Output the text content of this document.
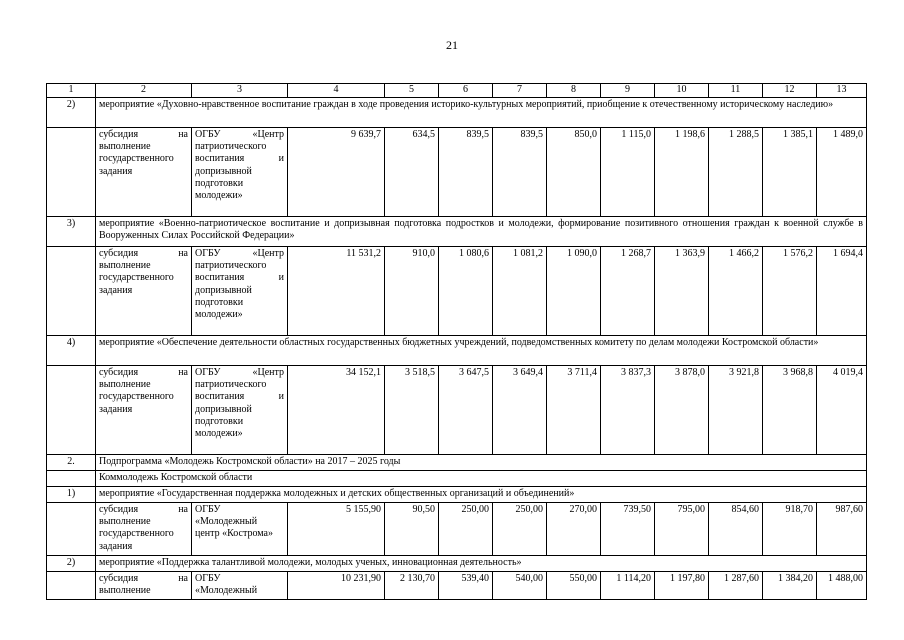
21
1	2	3	4	5	6	7	8	9	10	11	12	13
2)	мероприятие «Духовно-нравственное воспитание граждан в ходе проведения историко-культурных мероприятий, приобщение к отечественному историческому наследию»											
	субсидия на выполнение государственного задания	ОГБУ «Центр патриотического воспитания и допризывной подготовки молодежи»	9 639,7	634,5	839,5	839,5	850,0	1 115,0	1 198,6	1 288,5	1 385,1	1 489,0
3)	мероприятие «Военно-патриотическое воспитание и допризывная подготовка подростков и молодежи, формирование позитивного отношения граждан к военной службе в Вооруженных Силах Российской Федерации»											
	субсидия на выполнение государственного задания	ОГБУ «Центр патриотического воспитания и допризывной подготовки молодежи»	11 531,2	910,0	1 080,6	1 081,2	1 090,0	1 268,7	1 363,9	1 466,2	1 576,2	1 694,4
4)	мероприятие «Обеспечение деятельности областных государственных бюджетных учреждений, подведомственных комитету по делам молодежи Костромской области»											
	субсидия на выполнение государственного задания	ОГБУ «Центр патриотического воспитания и допризывной подготовки молодежи»	34 152,1	3 518,5	3 647,5	3 649,4	3 711,4	3 837,3	3 878,0	3 921,8	3 968,8	4 019,4
2.	Подпрограмма «Молодежь Костромской области» на 2017 – 2025 годы											
	Коммолодежь Костромской области											
1)	мероприятие «Государственная поддержка молодежных и детских общественных организаций и объединений»											
	субсидия на выполнение государственного задания	ОГБУ «Молодежный центр «Кострома»	5 155,90	90,50	250,00	250,00	270,00	739,50	795,00	854,60	918,70	987,60
2)	мероприятие «Поддержка талантливой молодежи, молодых ученых, инновационная деятельность»											
	субсидия на выполнение	ОГБУ «Молодежный	10 231,90	2 130,70	539,40	540,00	550,00	1 114,20	1 197,80	1 287,60	1 384,20	1 488,00
